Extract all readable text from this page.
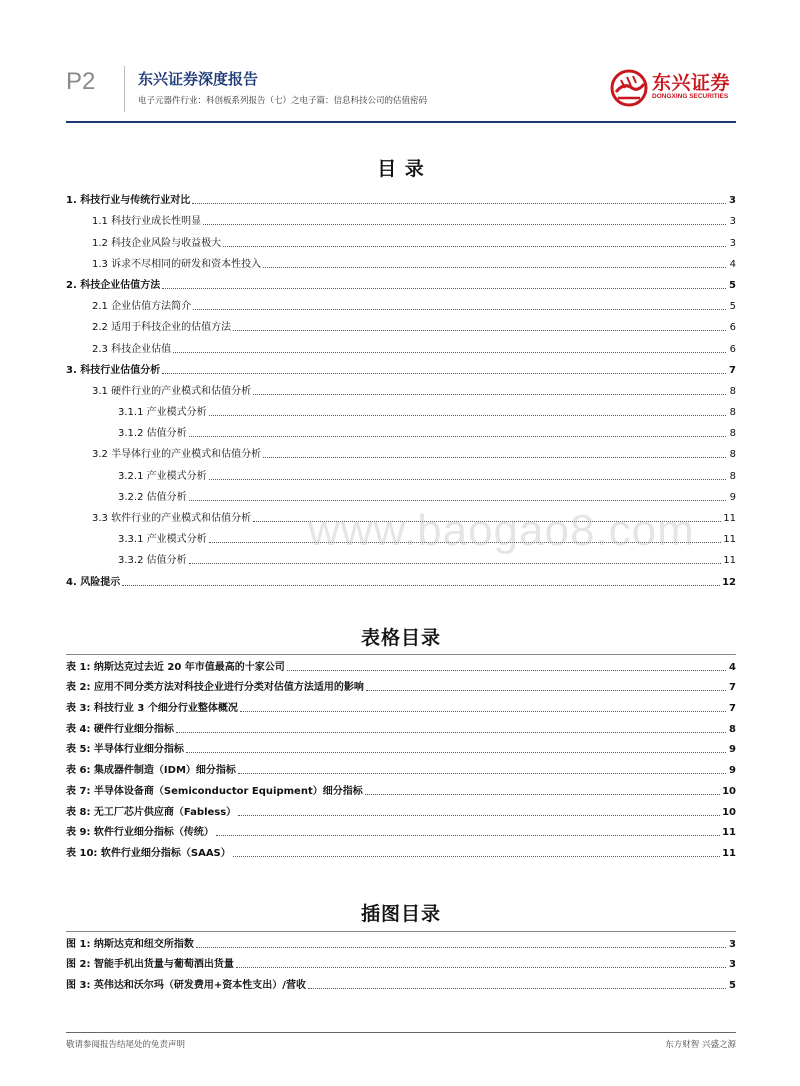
P2	东兴证券深度报告
电子元器件行业：科创板系列报告（七）之电子篇：信息科技公司的估值密码
东兴证券
DONGXING SECURITIES
目 录
1. 科技行业与传统行业对比	3
1.1 科技行业成长性明显	3
1.2 科技企业风险与收益极大	3
1.3 诉求不尽相同的研发和资本性投入	4
2. 科技企业估值方法	5
2.1 企业估值方法简介	5
2.2 适用于科技企业的估值方法	6
2.3 科技企业估值	6
3. 科技行业估值分析	7
3.1 硬件行业的产业模式和估值分析	8
3.1.1 产业模式分析	8
3.1.2 估值分析	8
3.2 半导体行业的产业模式和估值分析	8
3.2.1 产业模式分析	8
3.2.2 估值分析	9
3.3 软件行业的产业模式和估值分析	11
3.3.1 产业模式分析	11
3.3.2 估值分析	11
4. 风险提示	12
www.baogao8.com
表格目录
表 1: 纳斯达克过去近 20 年市值最高的十家公司	4
表 2: 应用不同分类方法对科技企业进行分类对估值方法适用的影响	7
表 3: 科技行业 3 个细分行业整体概况	7
表 4: 硬件行业细分指标	8
表 5: 半导体行业细分指标	9
表 6: 集成器件制造（IDM）细分指标	9
表 7: 半导体设备商（Semiconductor Equipment）细分指标	10
表 8: 无工厂芯片供应商（Fabless）	10
表 9: 软件行业细分指标（传统）	11
表 10: 软件行业细分指标（SAAS）	11
插图目录
图 1: 纳斯达克和纽交所指数	3
图 2: 智能手机出货量与葡萄酒出货量	3
图 3: 英伟达和沃尔玛（研发费用+资本性支出）/营收	5
敬请参阅报告结尾处的免责声明	东方财智 兴盛之源
